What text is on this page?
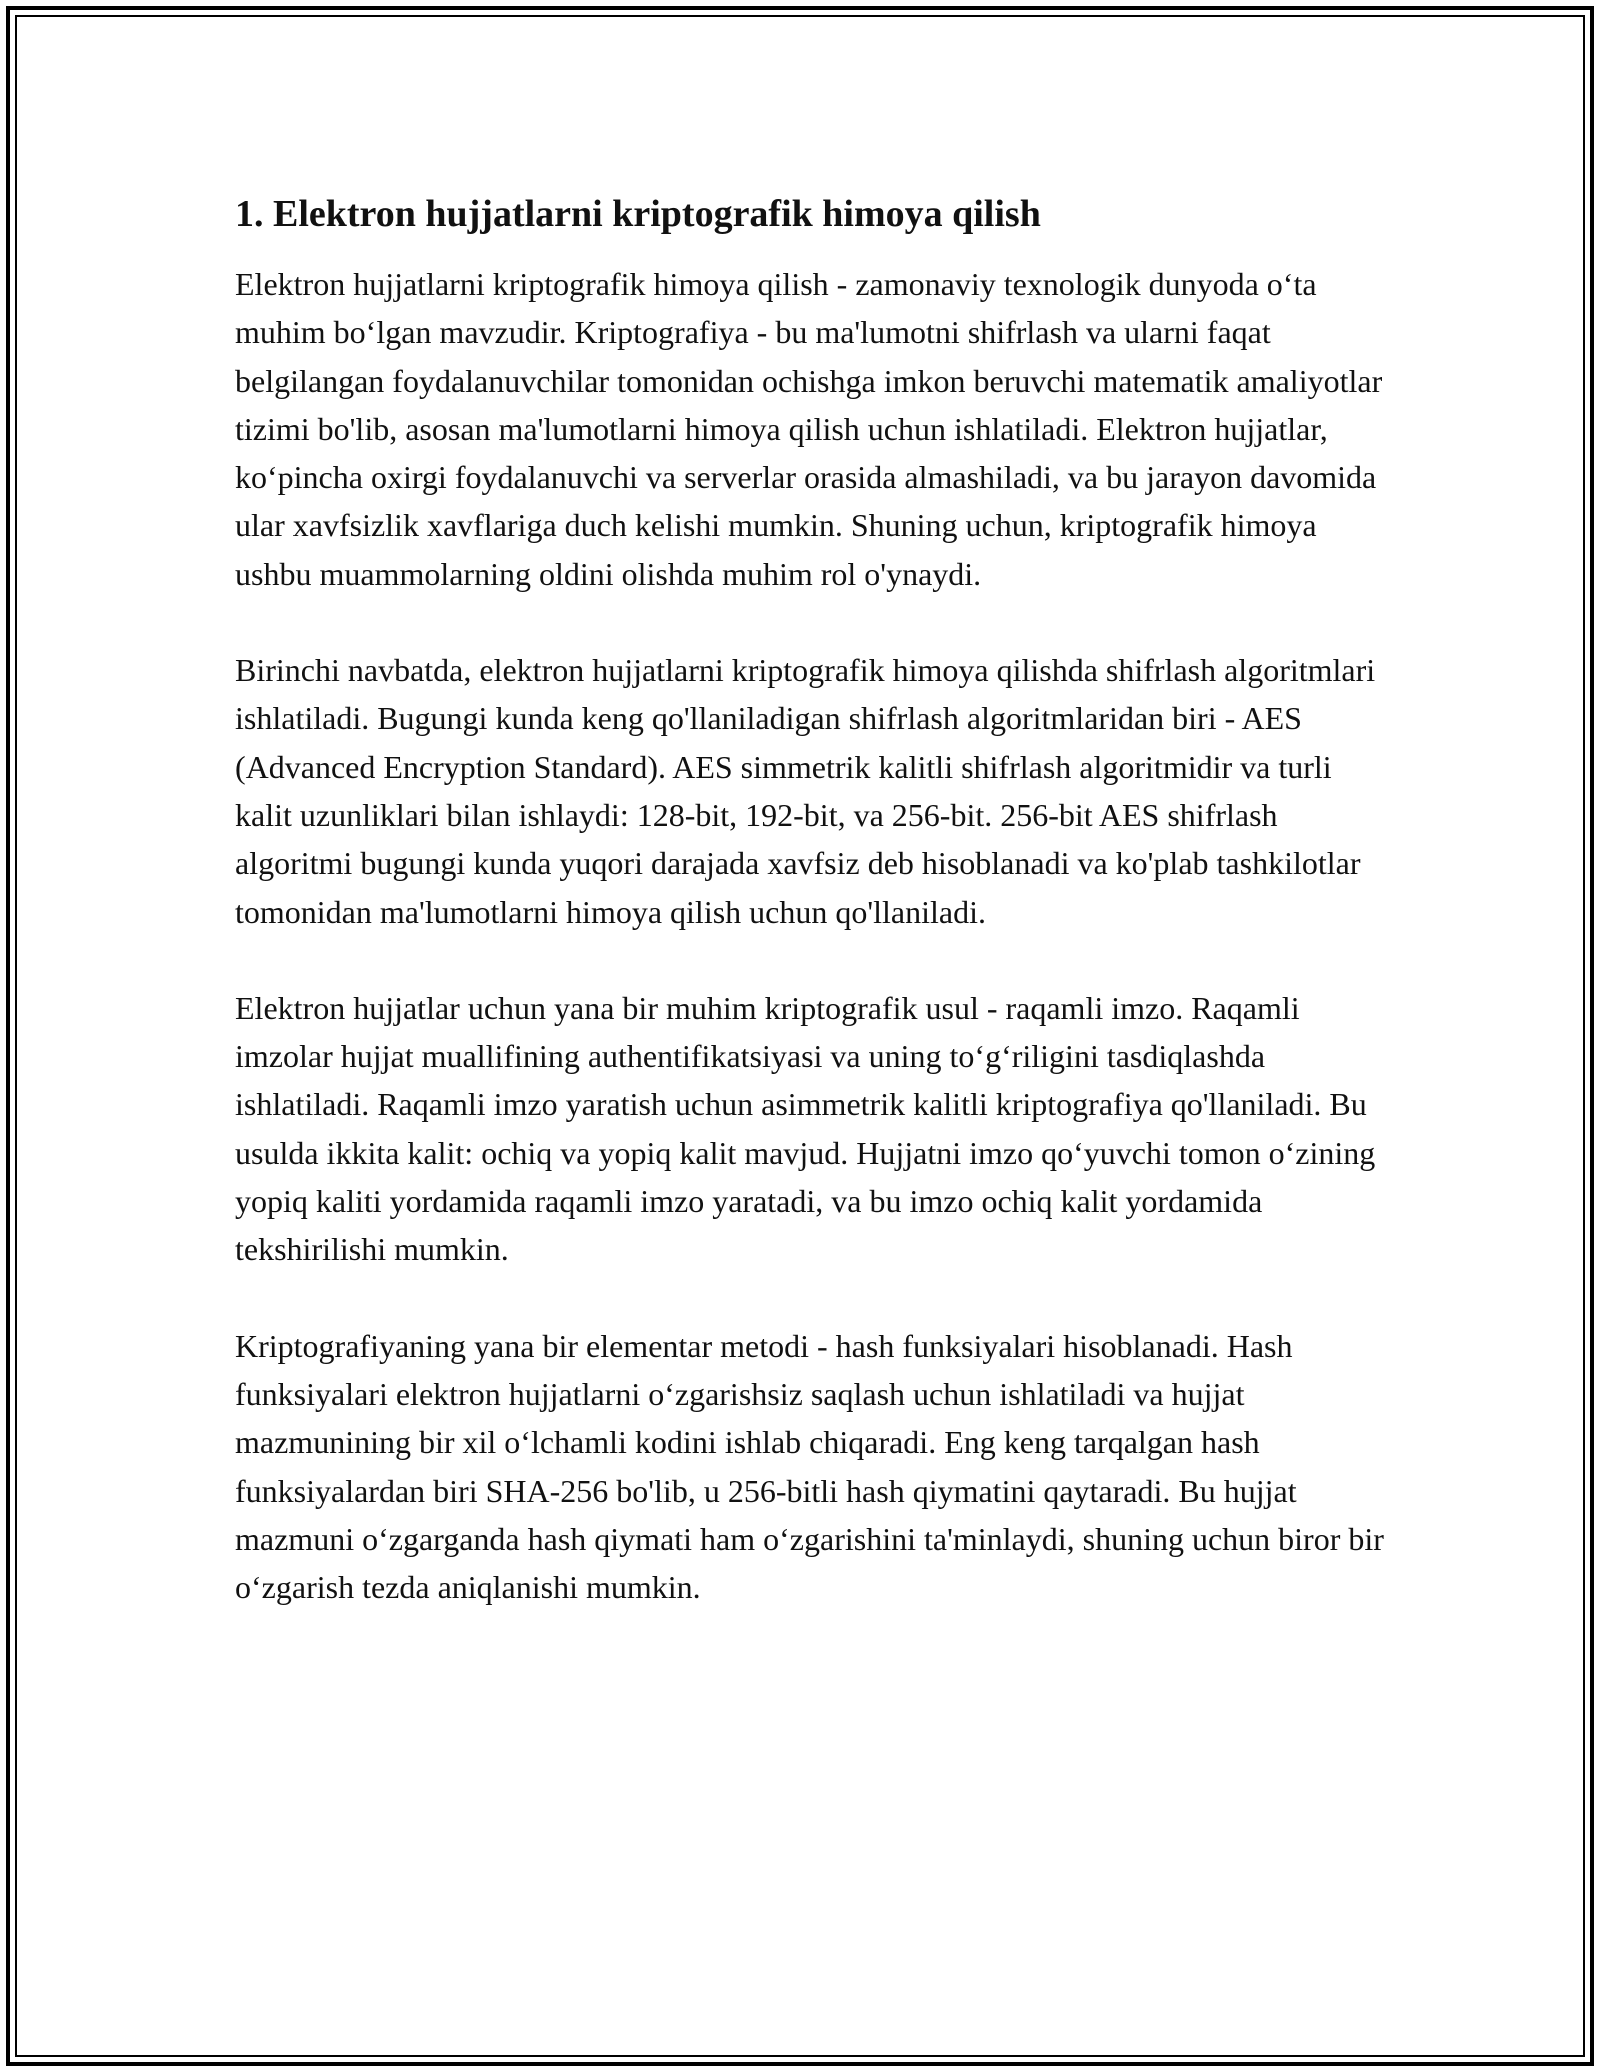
1. Elektron hujjatlarni kriptografik himoya qilish

Elektron hujjatlarni kriptografik himoya qilish - zamonaviy texnologik dunyoda o‘ta muhim bo‘lgan mavzudir. Kriptografiya - bu ma'lumotni shifrlash va ularni faqat belgilangan foydalanuvchilar tomonidan ochishga imkon beruvchi matematik amaliyotlar tizimi bo'lib, asosan ma'lumotlarni himoya qilish uchun ishlatiladi. Elektron hujjatlar, ko‘pincha oxirgi foydalanuvchi va serverlar orasida almashiladi, va bu jarayon davomida ular xavfsizlik xavflariga duch kelishi mumkin. Shuning uchun, kriptografik himoya ushbu muammolarning oldini olishda muhim rol o'ynaydi.

Birinchi navbatda, elektron hujjatlarni kriptografik himoya qilishda shifrlash algoritmlari ishlatiladi. Bugungi kunda keng qo'llaniladigan shifrlash algoritmlaridan biri - AES (Advanced Encryption Standard). AES simmetrik kalitli shifrlash algoritmidir va turli kalit uzunliklari bilan ishlaydi: 128-bit, 192-bit, va 256-bit. 256-bit AES shifrlash algoritmi bugungi kunda yuqori darajada xavfsiz deb hisoblanadi va ko'plab tashkilotlar tomonidan ma'lumotlarni himoya qilish uchun qo'llaniladi.

Elektron hujjatlar uchun yana bir muhim kriptografik usul - raqamli imzo. Raqamli imzolar hujjat muallifining authentifikatsiyasi va uning to‘g‘riligini tasdiqlashda ishlatiladi. Raqamli imzo yaratish uchun asimmetrik kalitli kriptografiya qo'llaniladi. Bu usulda ikkita kalit: ochiq va yopiq kalit mavjud. Hujjatni imzo qo‘yuvchi tomon o‘zining yopiq kaliti yordamida raqamli imzo yaratadi, va bu imzo ochiq kalit yordamida tekshirilishi mumkin.

Kriptografiyaning yana bir elementar metodi - hash funksiyalari hisoblanadi. Hash funksiyalari elektron hujjatlarni o‘zgarishsiz saqlash uchun ishlatiladi va hujjat mazmunining bir xil o‘lchamli kodini ishlab chiqaradi. Eng keng tarqalgan hash funksiyalardan biri SHA-256 bo'lib, u 256-bitli hash qiymatini qaytaradi. Bu hujjat mazmuni o‘zgarganda hash qiymati ham o‘zgarishini ta'minlaydi, shuning uchun biror bir o‘zgarish tezda aniqlanishi mumkin.
